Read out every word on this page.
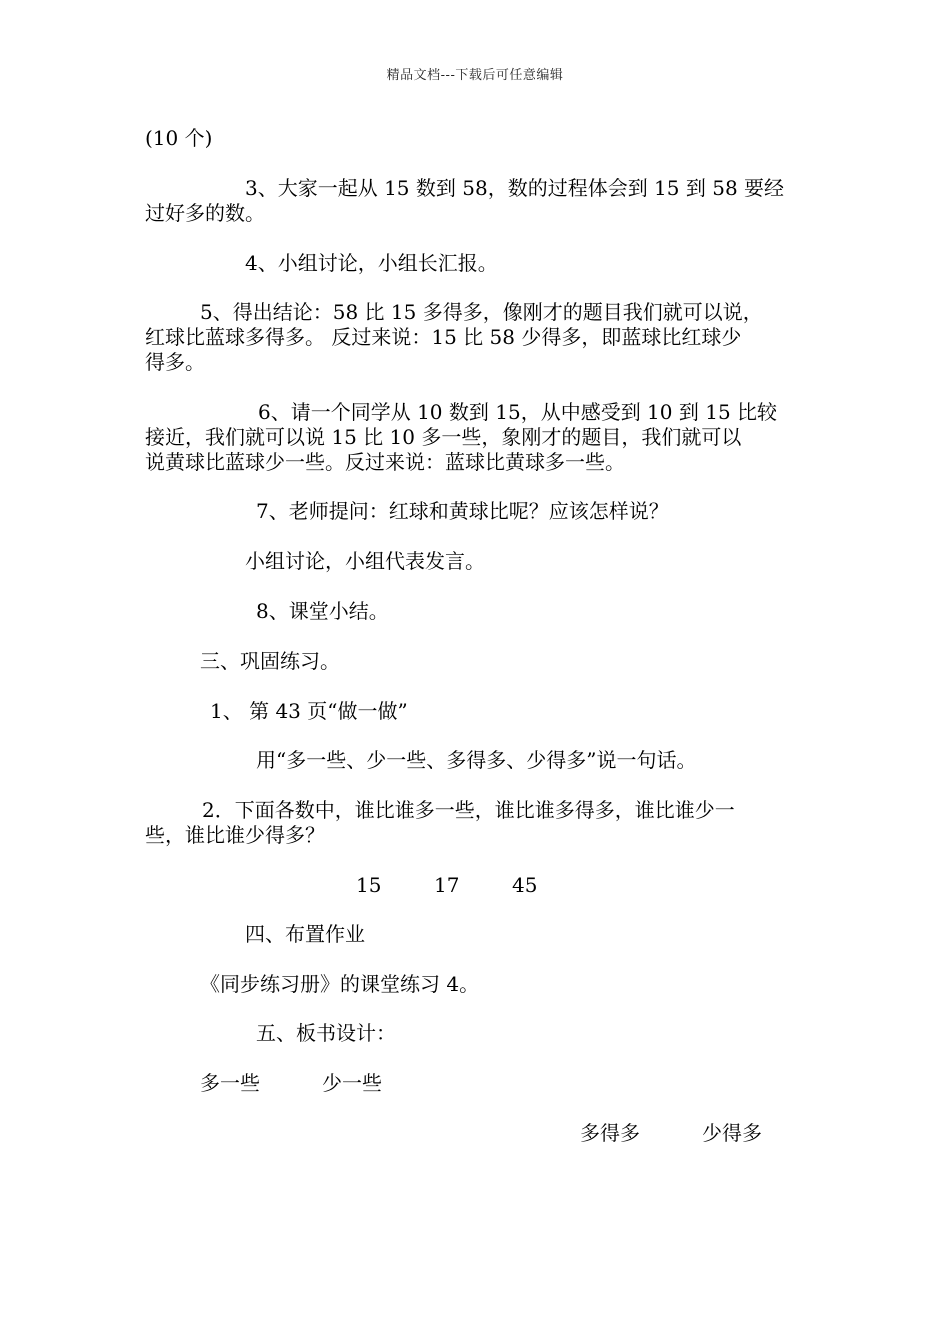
精品文档---下载后可任意编辑
(10 个)

3、大家一起从 15 数到 58，数的过程体会到 15 到 58 要经

过好多的数。

4、小组讨论，小组长汇报。

5、得出结论：58 比 15 多得多，像刚才的题目我们就可以说，

红球比蓝球多得多。 反过来说：15 比 58 少得多，即蓝球比红球少

得多。

6、请一个同学从 10 数到 15，从中感受到 10 到 15 比较

接近，我们就可以说 15 比 10 多一些，象刚才的题目，我们就可以

说黄球比蓝球少一些。反过来说：蓝球比黄球多一些。

7、老师提问：红球和黄球比呢？应该怎样说？
小组讨论，小组代表发言。
8、课堂小结。
三、巩固练习。
1、 第 43 页“做一做”
用“多一些、少一些、多得多、少得多”说一句话。

2．下面各数中，谁比谁多一些，谁比谁多得多，谁比谁少一

些，谁比谁少得多？

15	17	45
四、布置作业
《同步练习册》的课堂练习 4。
五、板书设计：
多一些	少一些
多得多	少得多
